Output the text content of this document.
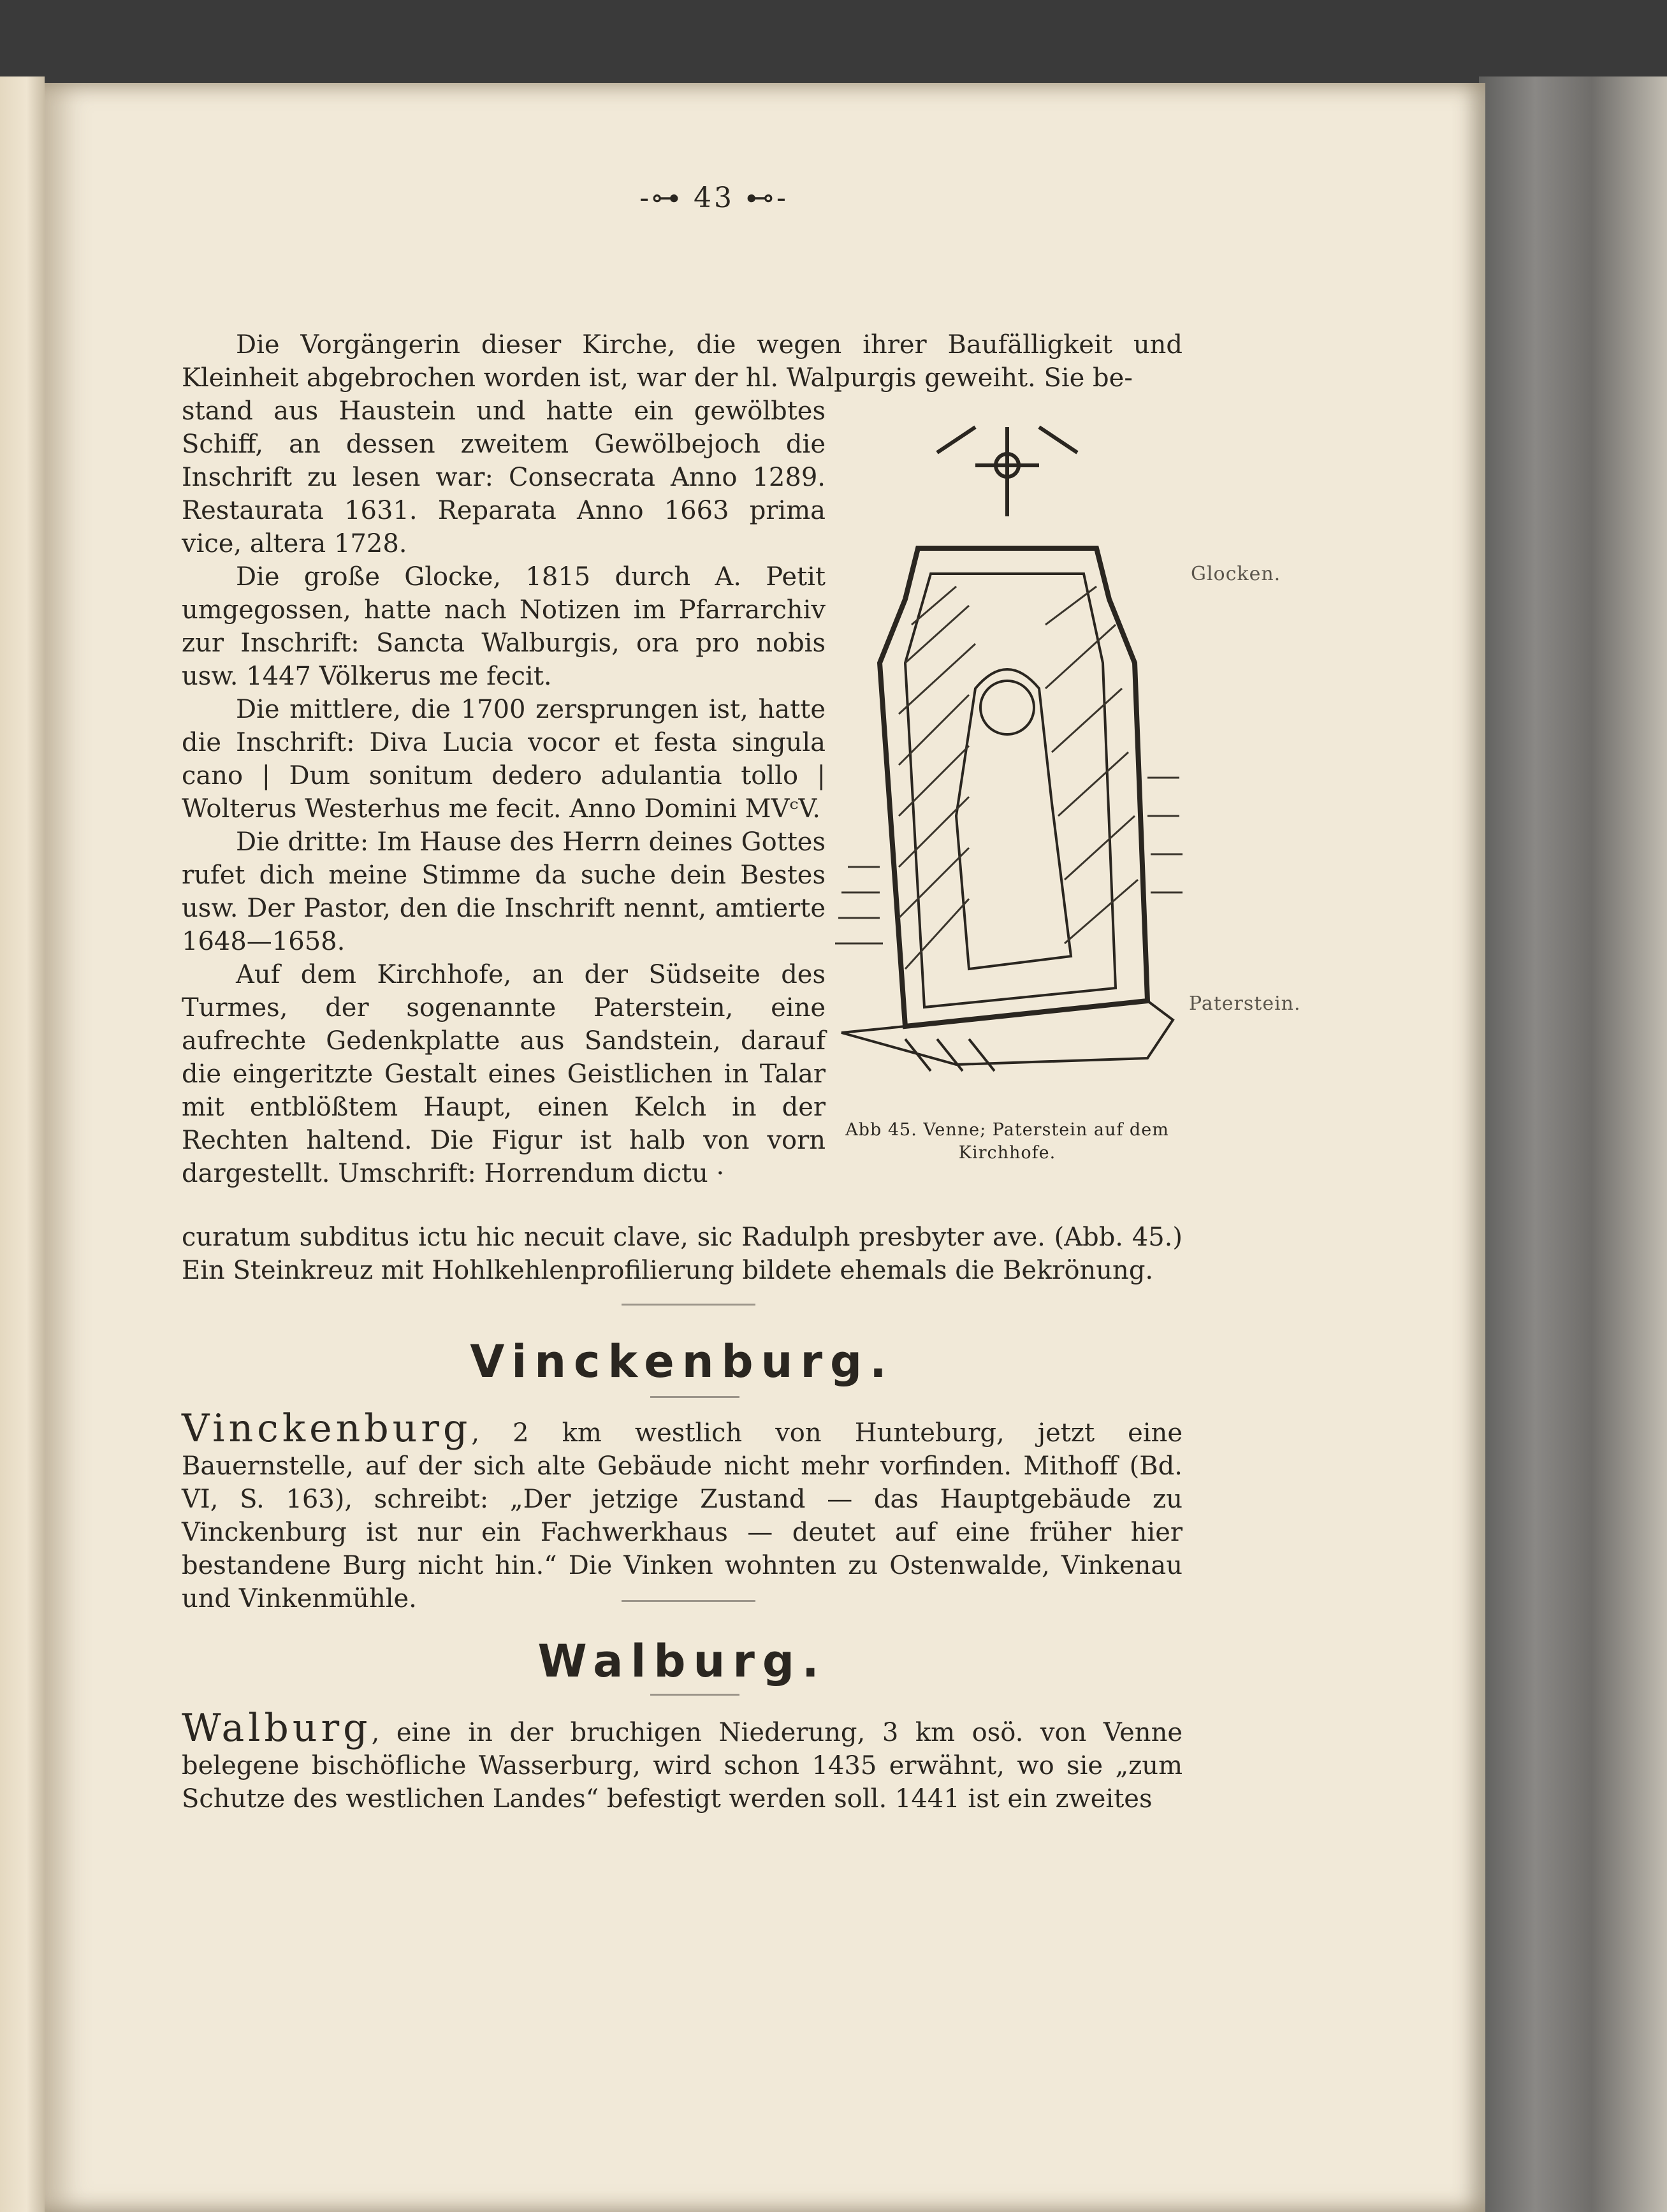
-⊶ 43 ⊷-
Die Vorgängerin dieser Kirche, die wegen ihrer Baufälligkeit und Kleinheit abgebrochen worden ist, war der hl. Walpurgis geweiht. Sie be-
stand aus Haustein und hatte ein gewölbtes Schiff, an dessen zweitem Gewölbejoch die Inschrift zu lesen war: Consecrata Anno 1289. Restaurata 1631. Reparata Anno 1663 prima vice, altera 1728.
Die große Glocke, 1815 durch A. Petit umgegossen, hatte nach Notizen im Pfarrarchiv zur Inschrift: Sancta Walburgis, ora pro nobis usw. 1447 Völkerus me fecit.
Die mittlere, die 1700 zersprungen ist, hatte die Inschrift: Diva Lucia vocor et festa singula cano | Dum sonitum dedero adulantia tollo | Wolterus Westerhus me fecit. Anno Domini MVᶜV.
Die dritte: Im Hause des Herrn deines Gottes rufet dich meine Stimme da suche dein Bestes usw. Der Pastor, den die Inschrift nennt, amtierte 1648—1658.
Auf dem Kirchhofe, an der Südseite des Turmes, der sogenannte Paterstein, eine aufrechte Gedenkplatte aus Sandstein, darauf die eingeritzte Gestalt eines Geistlichen in Talar mit entblößtem Haupt, einen Kelch in der Rechten haltend. Die Figur ist halb von vorn dargestellt. Umschrift: Horrendum dictu ·
Abb 45. Venne; Paterstein auf dem Kirchhofe.
Glocken.
Paterstein.
curatum subditus ictu hic necuit clave, sic Radulph presbyter ave. (Abb. 45.) Ein Steinkreuz mit Hohlkehlenprofilierung bildete ehemals die Bekrönung.
Vinckenburg.
Vinckenburg, 2 km westlich von Hunteburg, jetzt eine Bauernstelle, auf der sich alte Gebäude nicht mehr vorfinden. Mithoff (Bd. VI, S. 163), schreibt: „Der jetzige Zustand — das Hauptgebäude zu Vinckenburg ist nur ein Fachwerkhaus — deutet auf eine früher hier bestandene Burg nicht hin.“ Die Vinken wohnten zu Ostenwalde, Vinkenau und Vinkenmühle.
Walburg.
Walburg, eine in der bruchigen Niederung, 3 km osö. von Venne belegene bischöfliche Wasserburg, wird schon 1435 erwähnt, wo sie „zum Schutze des westlichen Landes“ befestigt werden soll. 1441 ist ein zweites
